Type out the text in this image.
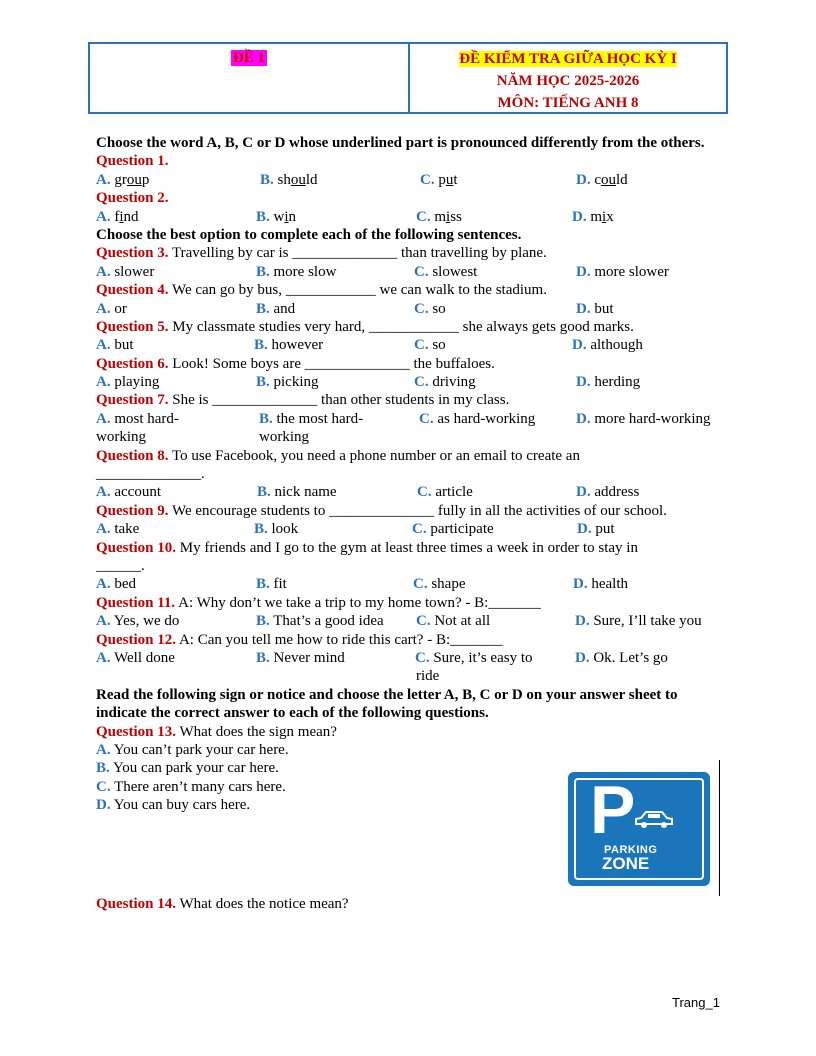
ĐỀ 1	ĐỀ KIỂM TRA GIỮA HỌC KỲ I
NĂM HỌC 2025-2026
MÔN: TIẾNG ANH 8
Choose the word A, B, C or D whose underlined part is pronounced differently from the others.
Question 1.
A. group	B. should	C. put	D. could
Question 2.
A. find	B. win	C. miss	D. mix
Choose the best option to complete each of the following sentences.
Question 3. Travelling by car is ______________ than travelling by plane.
A. slower	B. more slow	C. slowest	D. more slower
Question 4. We can go by bus, ____________ we can walk to the stadium.
A. or	B. and	C. so	D. but
Question 5. My classmate studies very hard, ____________ she always gets good marks.
A. but	B. however	C. so	D. although
Question 6. Look! Some boys are ______________ the buffaloes.
A. playing	B. picking	C. driving	D. herding
Question 7. She is ______________ than other students in my class.
A. most hard-	B. the most hard-	C. as hard-working	D. more hard-working
working	working
Question 8. To use Facebook, you need a phone number or an email to create an
______________.
A. account	B. nick name	C. article	D. address
Question 9. We encourage students to ______________ fully in all the activities of our school.
A. take	B. look	C. participate	D. put
Question 10. My friends and I go to the gym at least three times a week in order to stay in
______.
A. bed	B. fit	C. shape	D. health
Question 11. A: Why don’t we take a trip to my home town? - B:_______
A. Yes, we do	B. That’s a good idea C. Not at all	D. Sure, I’ll take you
Question 12. A: Can you tell me how to ride this cart? - B:_______
A. Well done	B. Never mind	C. Sure, it’s easy to	D. Ok. Let’s go
ride
Read the following sign or notice and choose the letter A, B, C or D on your answer sheet to indicate the correct answer to each of the following questions.
Question 13. What does the sign mean?
A. You can’t park your car here.
B. You can park your car here.
C. There aren’t many cars here.
D. You can buy cars here.
Question 14. What does the notice mean?
P
PARKING
ZONE
Trang_1
